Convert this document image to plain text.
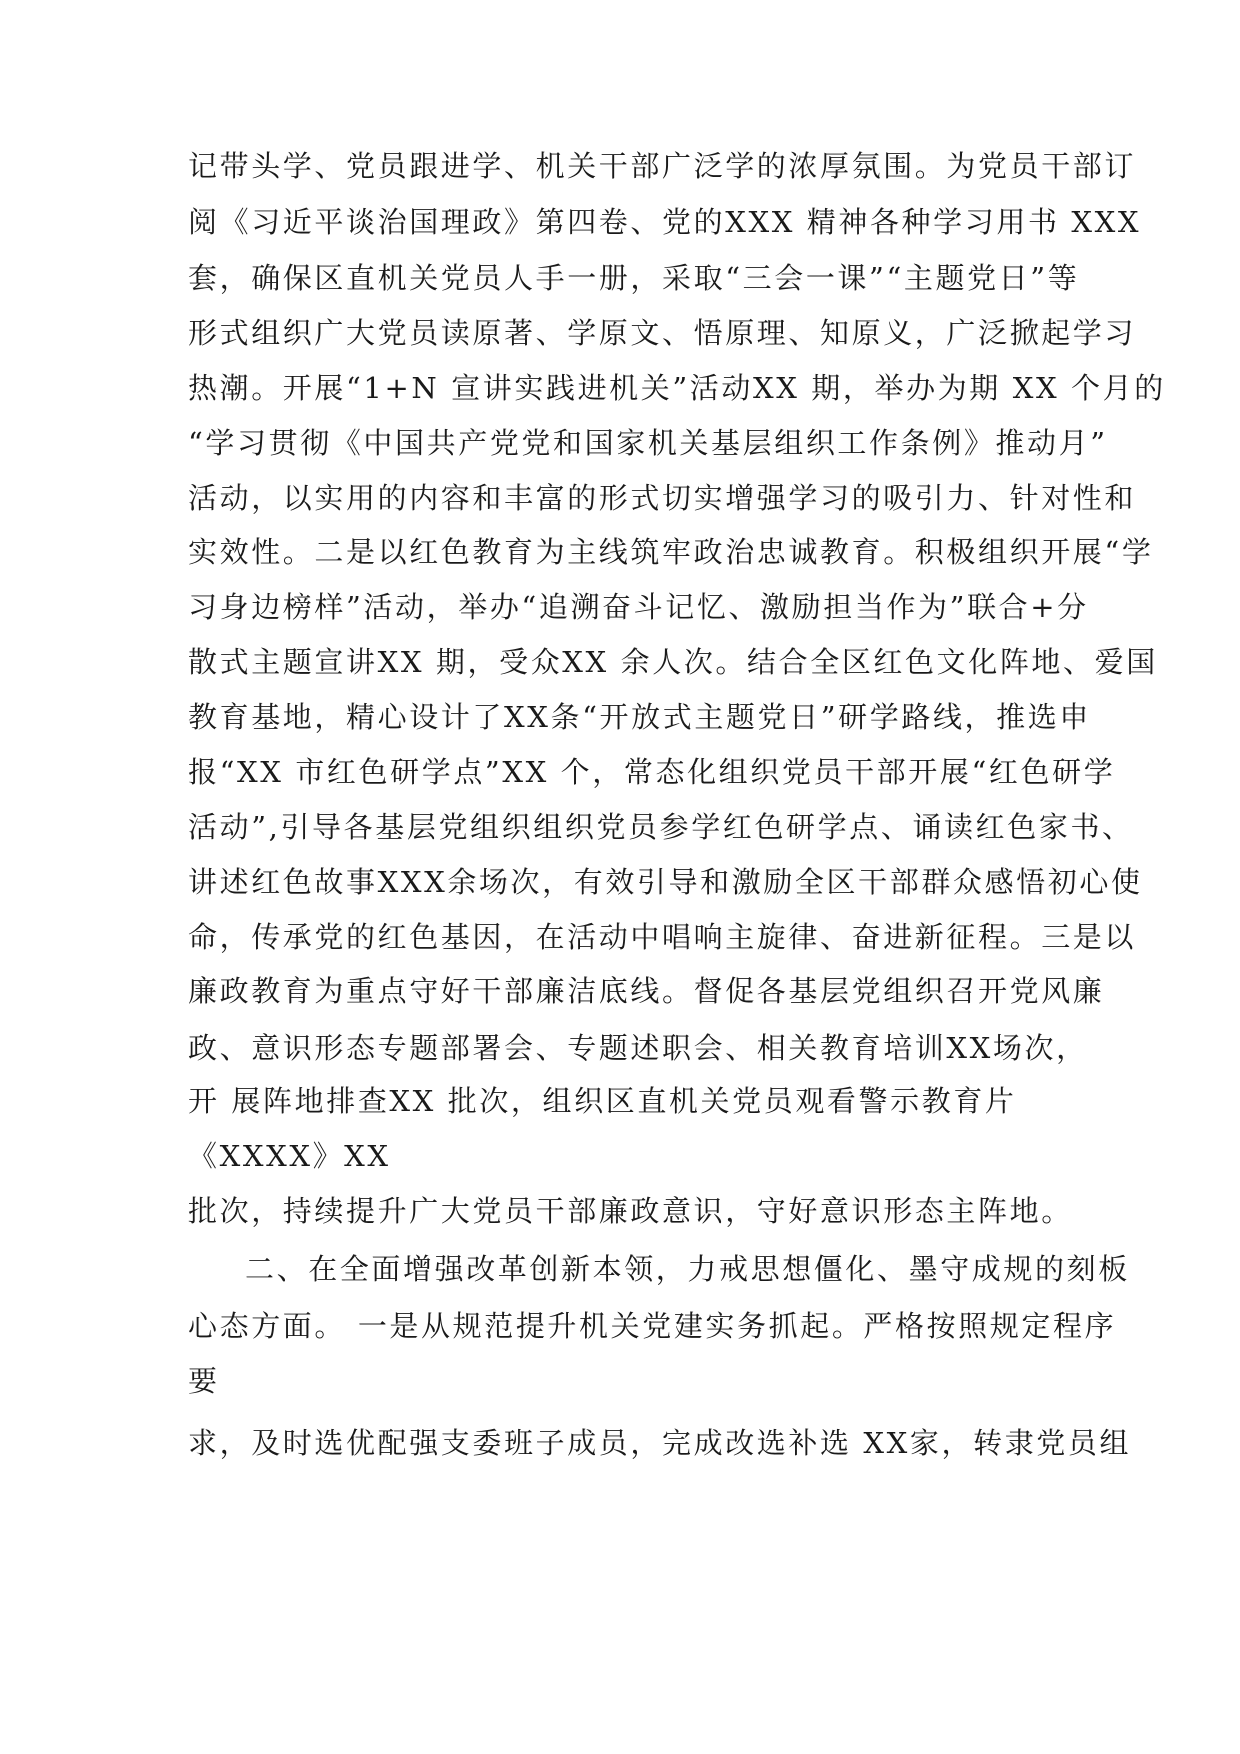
记带头学、党员跟进学、机关干部广泛学的浓厚氛围。为党员干部订
阅《习近平谈治国理政》第四卷、党的XXX 精神各种学习用书 XXX
套，确保区直机关党员人手一册，采取“三会一课”“主题党日”等
形式组织广大党员读原著、学原文、悟原理、知原义，广泛掀起学习
热潮。开展“1+N 宣讲实践进机关”活动XX 期，举办为期 XX 个月的
“学习贯彻《中国共产党党和国家机关基层组织工作条例》推动月”
活动，以实用的内容和丰富的形式切实增强学习的吸引力、针对性和
实效性。二是以红色教育为主线筑牢政治忠诚教育。积极组织开展“学
习身边榜样”活动，举办“追溯奋斗记忆、激励担当作为”联合+分
散式主题宣讲XX 期，受众XX 余人次。结合全区红色文化阵地、爱国
教育基地，精心设计了XX条“开放式主题党日”研学路线，推选申
报“XX 市红色研学点”XX 个，常态化组织党员干部开展“红色研学
活动”,引导各基层党组织组织党员参学红色研学点、诵读红色家书、
讲述红色故事XXX余场次，有效引导和激励全区干部群众感悟初心使
命，传承党的红色基因，在活动中唱响主旋律、奋进新征程。三是以
廉政教育为重点守好干部廉洁底线。督促各基层党组织召开党风廉
政、意识形态专题部署会、专题述职会、相关教育培训XX场次，
开 展阵地排查XX 批次，组织区直机关党员观看警示教育片
《XXXX》XX
批次，持续提升广大党员干部廉政意识，守好意识形态主阵地。
二、在全面增强改革创新本领，力戒思想僵化、墨守成规的刻板
心态方面。 一是从规范提升机关党建实务抓起。严格按照规定程序
要
求，及时选优配强支委班子成员，完成改选补选 XX家，转隶党员组
